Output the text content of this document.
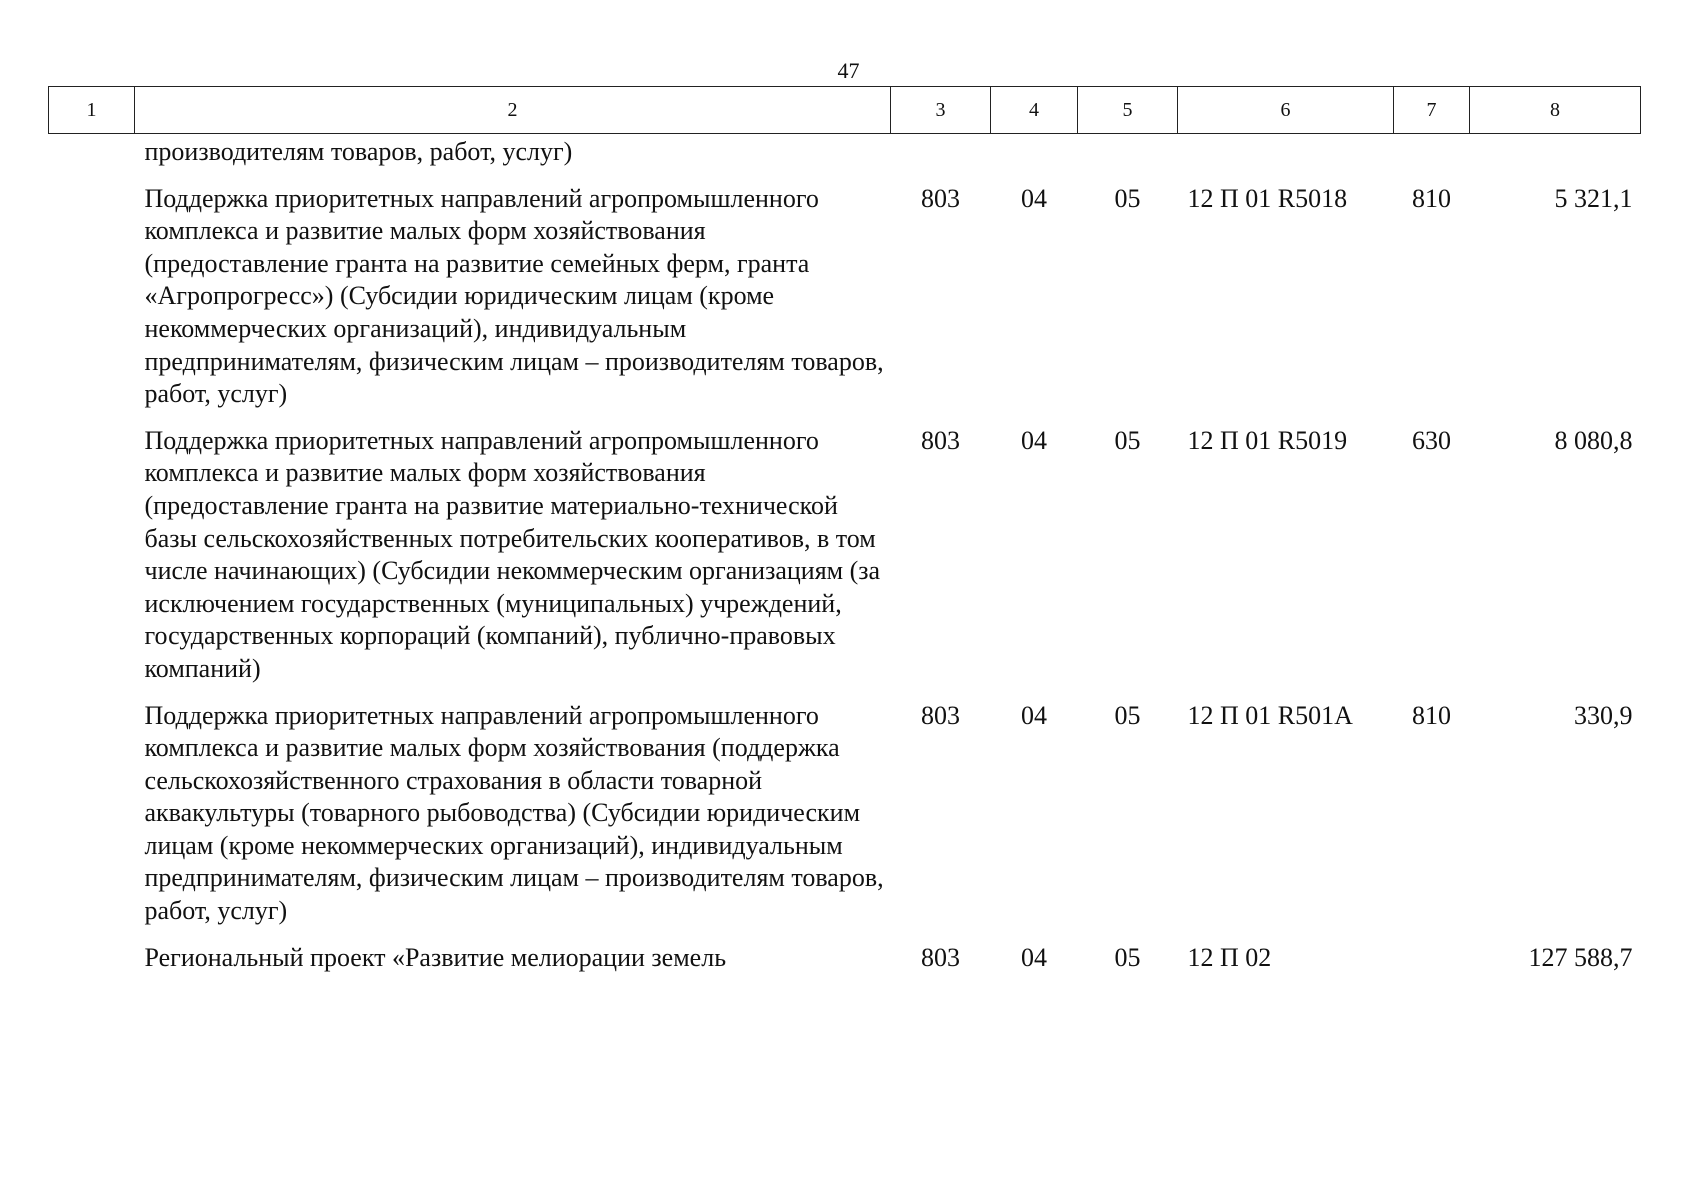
47
1	2	3	4	5	6	7	8

производителям товаров, работ, услуг)							

Поддержка приоритетных направлений агропромышленного комплекса и развитие малых форм хозяйствования (предоставление гранта на развитие семейных ферм, гранта «Агропрогресс») (Субсидии юридическим лицам (кроме некоммерческих организаций), индивидуальным предпринимателям, физическим лицам – производителям товаров, работ, услуг)		803	04	05	12 П 01 R5018	810	5 321,1

Поддержка приоритетных направлений агропромышленного комплекса и развитие малых форм хозяйствования (предоставление гранта на развитие материально-технической базы сельскохозяйственных потребительских кооперативов, в том числе начинающих) (Субсидии некоммерческим организациям (за исключением государственных (муниципальных) учреждений, государственных корпораций (компаний), публично-правовых компаний)		803	04	05	12 П 01 R5019	630	8 080,8

Поддержка приоритетных направлений агропромышленного комплекса и развитие малых форм хозяйствования (поддержка сельскохозяйственного страхования в области товарной аквакультуры (товарного рыбоводства) (Субсидии юридическим лицам (кроме некоммерческих организаций), индивидуальным предпринимателям, физическим лицам – производителям товаров, работ, услуг)		803	04	05	12 П 01 R501А	810	330,9

Региональный проект «Развитие мелиорации земель		803	04	05	12 П 02		127 588,7
